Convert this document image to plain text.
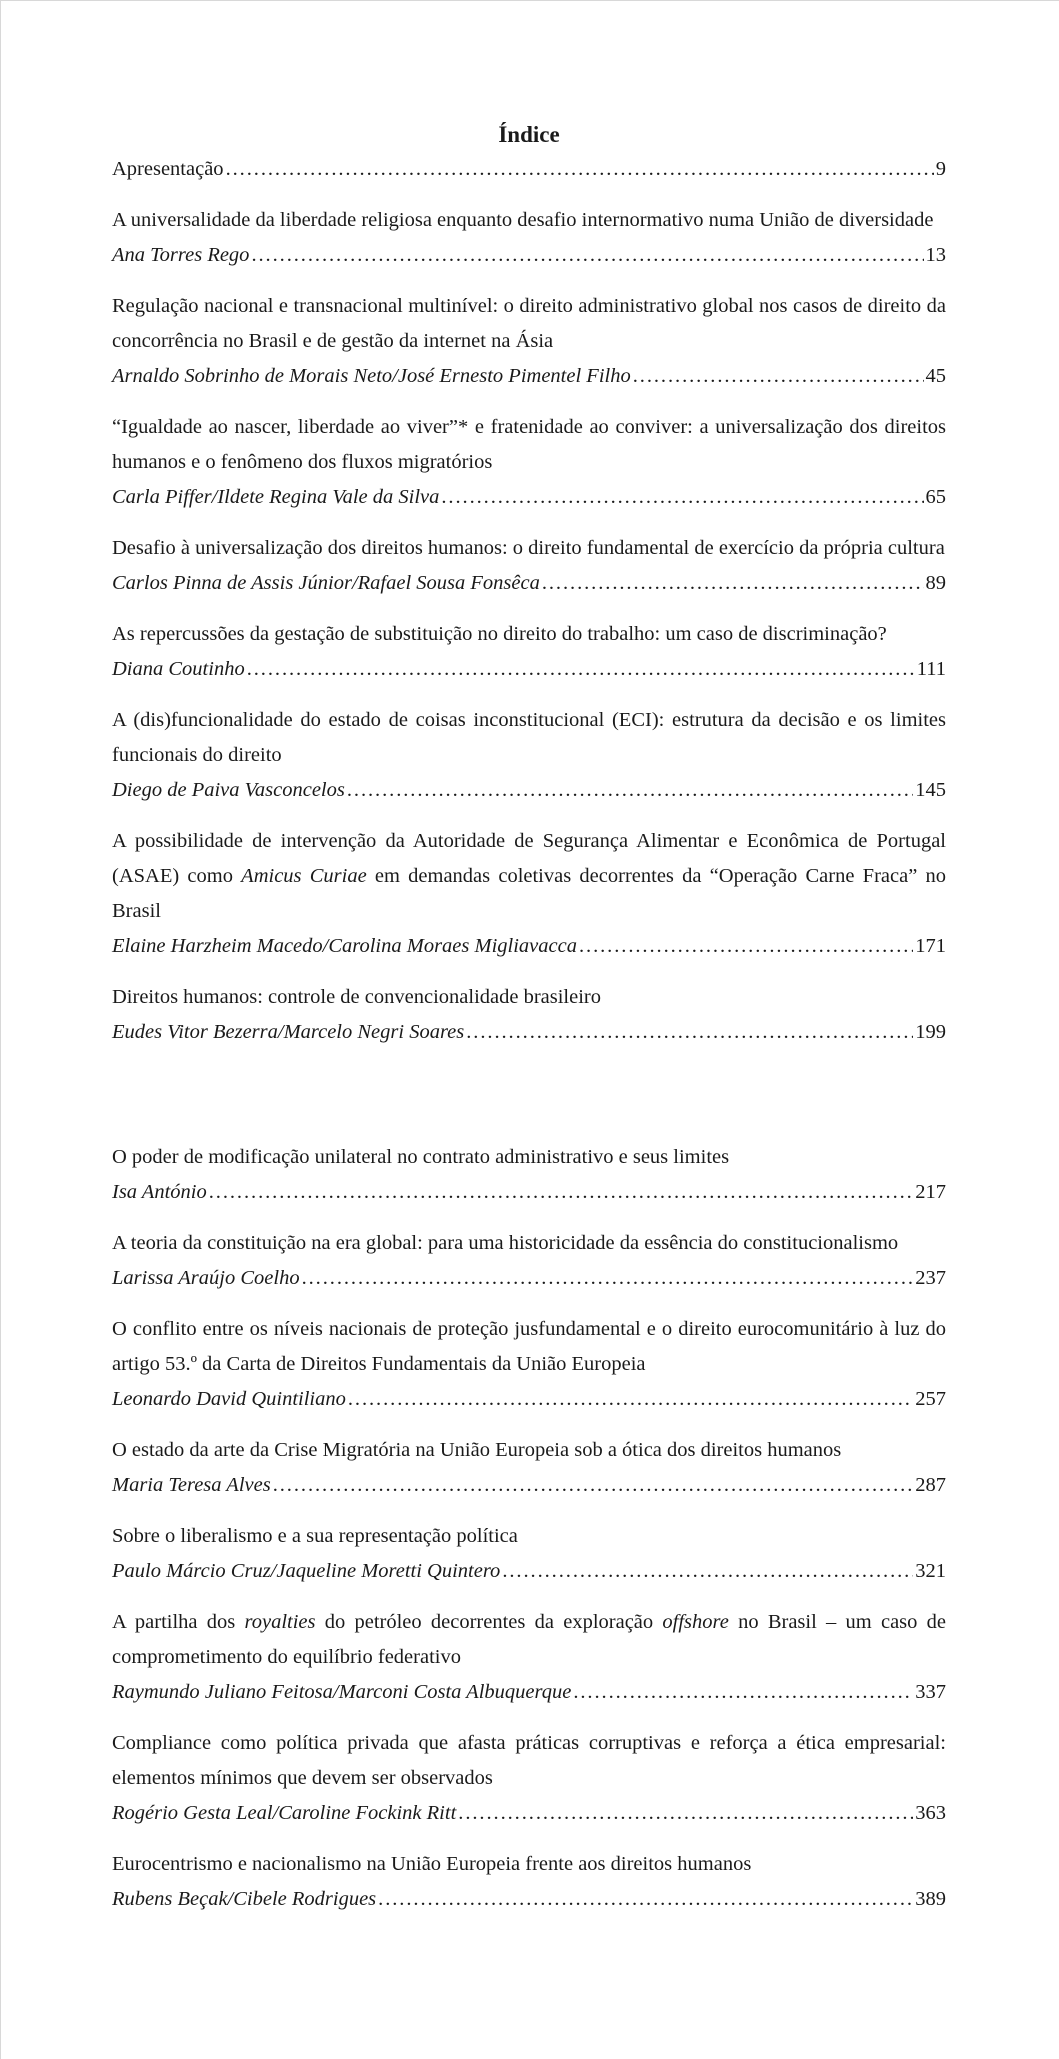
Índice
Apresentação . . .	9
A universalidade da liberdade religiosa enquanto desafio internormativo numa União de diversidade
Ana Torres Rego . . .	13
Regulação nacional e transnacional multinível: o direito administrativo global nos casos de direito da concorrência no Brasil e de gestão da internet na Ásia
Arnaldo Sobrinho de Morais Neto/José Ernesto Pimentel Filho . . .	45
“Igualdade ao nascer, liberdade ao viver”* e fratenidade ao conviver: a universalização dos direitos humanos e o fenômeno dos fluxos migratórios
Carla Piffer/Ildete Regina Vale da Silva . . .	65
Desafio à universalização dos direitos humanos: o direito fundamental de exercício da própria cultura
Carlos Pinna de Assis Júnior/Rafael Sousa Fonsêca . . .	89
As repercussões da gestação de substituição no direito do trabalho: um caso de discriminação?
Diana Coutinho . . .	111
A (dis)funcionalidade do estado de coisas inconstitucional (ECI): estrutura da decisão e os limites funcionais do direito
Diego de Paiva Vasconcelos . . .	145
A possibilidade de intervenção da Autoridade de Segurança Alimentar e Econômica de Portugal (ASAE) como Amicus Curiae em demandas coletivas decorrentes da “Operação Carne Fraca” no Brasil
Elaine Harzheim Macedo/Carolina Moraes Migliavacca . . .	171
Direitos humanos: controle de convencionalidade brasileiro
Eudes Vitor Bezerra/Marcelo Negri Soares . . .	199
O poder de modificação unilateral no contrato administrativo e seus limites
Isa António . . .	217
A teoria da constituição na era global: para uma historicidade da essência do constitucionalismo
Larissa Araújo Coelho . . .	237
O conflito entre os níveis nacionais de proteção jusfundamental e o direito eurocomunitário à luz do artigo 53.º da Carta de Direitos Fundamentais da União Europeia
Leonardo David Quintiliano . . .	257
O estado da arte da Crise Migratória na União Europeia sob a ótica dos direitos humanos
Maria Teresa Alves . . .	287
Sobre o liberalismo e a sua representação política
Paulo Márcio Cruz/Jaqueline Moretti Quintero . . .	321
A partilha dos royalties do petróleo decorrentes da exploração offshore no Brasil – um caso de comprometimento do equilíbrio federativo
Raymundo Juliano Feitosa/Marconi Costa Albuquerque . . .	337
Compliance como política privada que afasta práticas corruptivas e reforça a ética empresarial: elementos mínimos que devem ser observados
Rogério Gesta Leal/Caroline Fockink Ritt . . .	363
Eurocentrismo e nacionalismo na União Europeia frente aos direitos humanos
Rubens Beçak/Cibele Rodrigues . . .	389
